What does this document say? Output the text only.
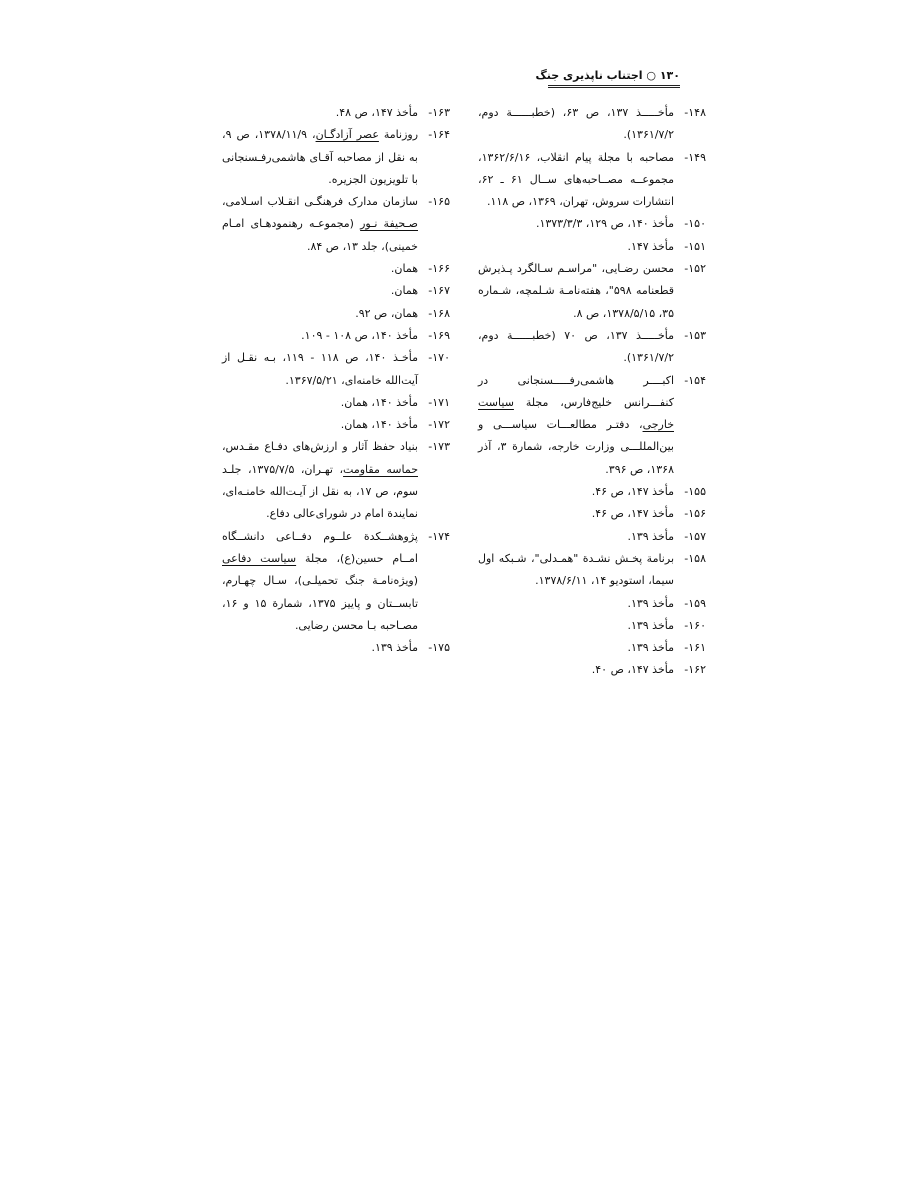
۱۳۰ ○ اجتناب ناپذیری جنگ
۱۴۸-
مأخـــــذ ۱۳۷، ص ۶۳، (خطبــــــة دوم، ۱۳۶۱/۷/۲).
۱۴۹-
مصاحبه با مجلة پیام انقلاب، ۱۳۶۲/۶/۱۶، مجموعــه مصــاحبه‌های ســال ۶۱ ـ ۶۲، انتشارات سروش، تهران، ۱۳۶۹، ص ۱۱۸.
۱۵۰-
مأخذ ۱۴۰، ص ۱۲۹، ۱۳۷۳/۳/۳.
۱۵۱-
مأخذ ۱۴۷.
۱۵۲-
محسن رضـایی، "مراسـم سـالگرد پـذیرش قطعنامه ۵۹۸"، هفته‌نامـة شـلمچه، شـماره ۳۵، ۱۳۷۸/۵/۱۵، ص ۸.
۱۵۳-
مأخـــــذ ۱۳۷، ص ۷۰ (خطبــــــة دوم، ۱۳۶۱/۷/۲).
۱۵۴-
اکبــــر هاشمی‌رفـــــسنجانی در کنفـــرانس خلیج‌فارس، مجلة سیاست خارجی، دفتـر مطالعـــات سیاســـی و بین‌المللـــی وزارت خارجه، شمارة ۳، آذر ۱۳۶۸، ص ۳۹۶.
۱۵۵-
مأخذ ۱۴۷، ص ۴۶.
۱۵۶-
مأخذ ۱۴۷، ص ۴۶.
۱۵۷-
مأخذ ۱۳۹.
۱۵۸-
برنامة پخـش نشـدة "همـدلی"، شـبکه اول سیما، استودیو ۱۴، ۱۳۷۸/۶/۱۱.
۱۵۹-
مأخذ ۱۳۹.
۱۶۰-
مأخذ ۱۳۹.
۱۶۱-
مأخذ ۱۳۹.
۱۶۲-
مأخذ ۱۴۷، ص ۴۰.
۱۶۳-
مأخذ ۱۴۷، ص ۴۸.
۱۶۴-
روزنامة عصر آزادگـان، ۱۳۷۸/۱۱/۹، ص ۹، به نقل از مصاحبه آقـای هاشمی‌رفـسنجانی با تلویزیون الجزیره.
۱۶۵-
سازمان مدارک فرهنگـی انقـلاب اسـلامی، صـحیفة نـور (مجموعـه رهنمودهـای امـام خمینی)، جلد ۱۳، ص ۸۴.
۱۶۶-
همان.
۱۶۷-
همان.
۱۶۸-
همان، ص ۹۲.
۱۶۹-
مأخذ ۱۴۰، ص ۱۰۸ - ۱۰۹.
۱۷۰-
مأخـذ ۱۴۰، ص ۱۱۸ - ۱۱۹، بـه نقـل از آیت‌الله خامنه‌ای، ۱۳۶۷/۵/۲۱.
۱۷۱-
مأخذ ۱۴۰، همان.
۱۷۲-
مأخذ ۱۴۰، همان.
۱۷۳-
بنیاد حفظ آثار و ارزش‌های دفـاع مقـدس، حماسه مقاومت، تهـران، ۱۳۷۵/۷/۵، جلـد سوم، ص ۱۷، به نقل از آیـت‌الله خامنـه‌ای، نمایندة امام در شورای‌عالی دفاع.
۱۷۴-
پژوهشــکدة علــوم دفــاعی دانشــگاه امــام حسین(ع)، مجلة سیاست دفاعی (ویژه‌نامـة جنگ تحمیلـی)، سـال چهـارم، تابســتان و پاییز ۱۳۷۵، شمارة ۱۵ و ۱۶، مصـاحبه بـا محسن رضایی.
۱۷۵-
مأخذ ۱۳۹.
